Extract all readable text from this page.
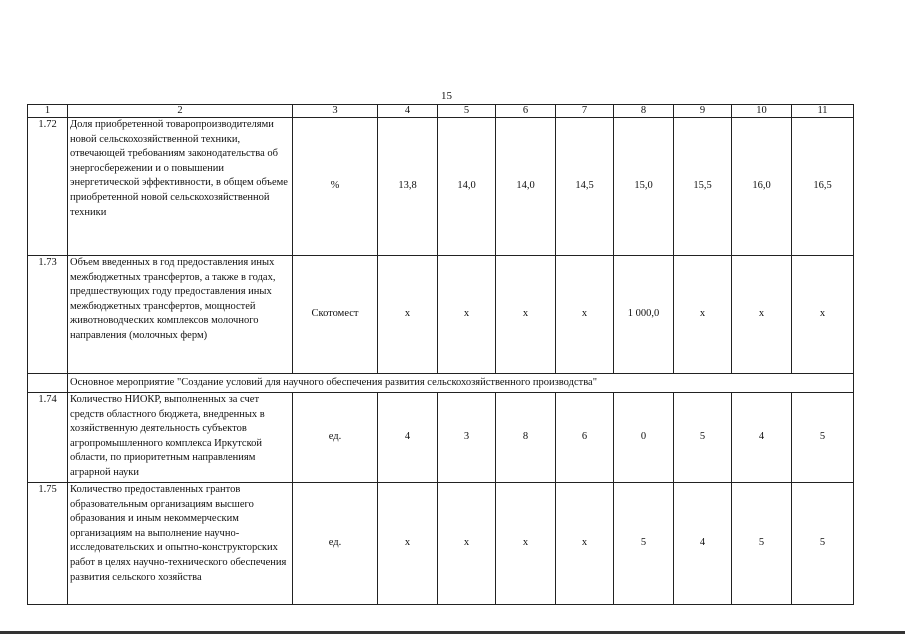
15
1	2	3	4	5	6	7	8	9	10	11
1.72	Доля приобретенной товаропроизводителями новой сельскохозяйственной техники, отвечающей требованиям законодательства об энергосбережении и о повышении энергетической эффективности, в общем объеме приобретенной новой сельскохозяйственной техники	%	13,8	14,0	14,0	14,5	15,0	15,5	16,0	16,5
1.73	Объем введенных в год предоставления иных межбюджетных трансфертов, а также в годах, предшествующих году предоставления иных межбюджетных трансфертов, мощностей животноводческих комплексов молочного направления (молочных ферм)	Скотомест	х	х	х	х	1 000,0	х	х	х
	Основное мероприятие "Создание условий для научного обеспечения развития сельскохозяйственного производства"									
1.74	Количество НИОКР, выполненных за счет средств областного бюджета, внедренных в хозяйственную деятельность субъектов агропромышленного комплекса Иркутской области, по приоритетным направлениям аграрной науки	ед.	4	3	8	6	0	5	4	5
1.75	Количество предоставленных грантов образовательным организациям высшего образования и иным некоммерческим организациям на выполнение научно-исследовательских и опытно-конструкторских работ в целях научно-технического обеспечения развития сельского хозяйства	ед.	х	х	х	х	5	4	5	5
